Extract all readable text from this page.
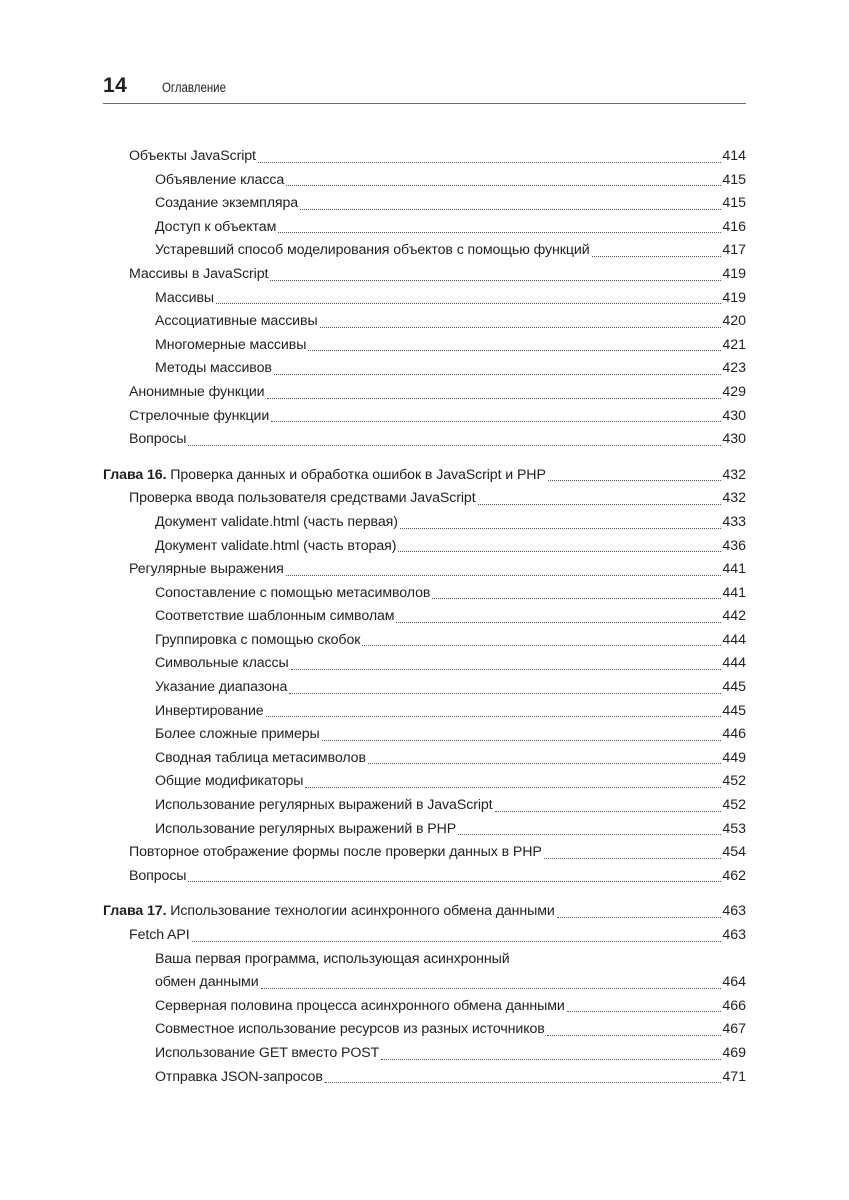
14	Оглавление
Объекты JavaScript	414
Объявление класса	415
Создание экземпляра	415
Доступ к объектам	416
Устаревший способ моделирования объектов с помощью функций	417
Массивы в JavaScript	419
Массивы	419
Ассоциативные массивы	420
Многомерные массивы	421
Методы массивов	423
Анонимные функции	429
Стрелочные функции	430
Вопросы	430
Глава 16. Проверка данных и обработка ошибок в JavaScript и PHP	432
Проверка ввода пользователя средствами JavaScript	432
Документ validate.html (часть первая)	433
Документ validate.html (часть вторая)	436
Регулярные выражения	441
Сопоставление с помощью метасимволов	441
Соответствие шаблонным символам	442
Группировка с помощью скобок	444
Символьные классы	444
Указание диапазона	445
Инвертирование	445
Более сложные примеры	446
Сводная таблица метасимволов	449
Общие модификаторы	452
Использование регулярных выражений в JavaScript	452
Использование регулярных выражений в PHP	453
Повторное отображение формы после проверки данных в PHP	454
Вопросы	462
Глава 17. Использование технологии асинхронного обмена данными	463
Fetch API	463
Ваша первая программа, использующая асинхронный
обмен данными	464
Серверная половина процесса асинхронного обмена данными	466
Совместное использование ресурсов из разных источников	467
Использование GET вместо POST	469
Отправка JSON-запросов	471
